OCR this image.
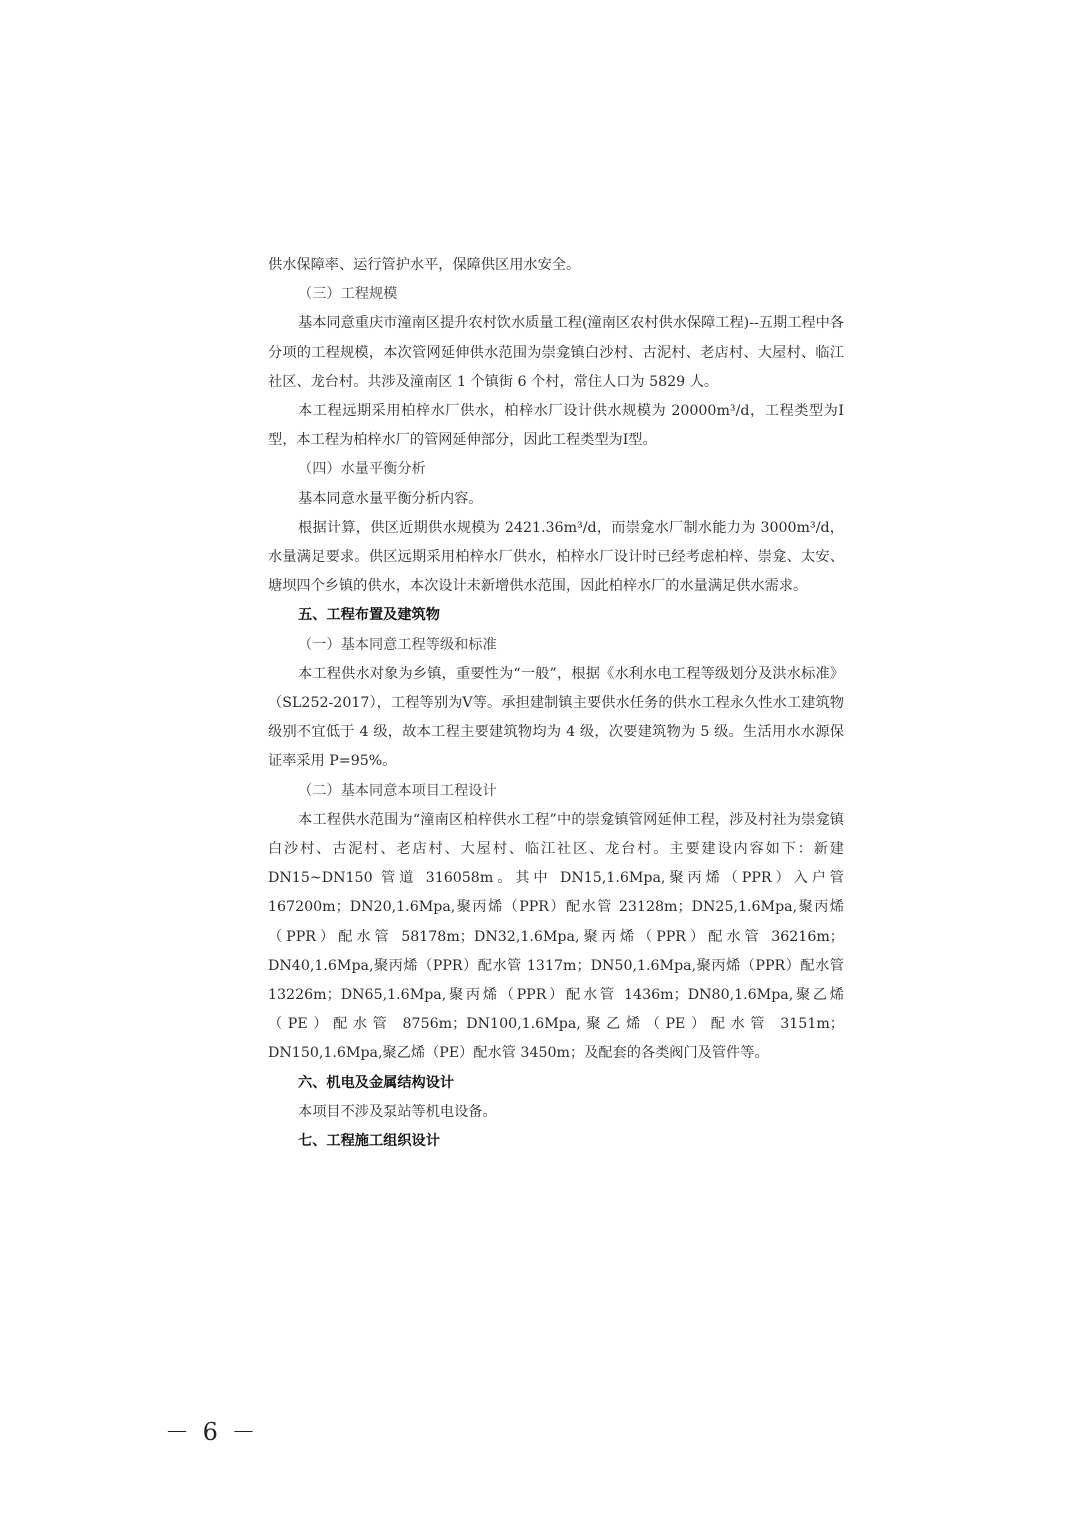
供水保障率、运行管护水平，保障供区用水安全。

（三）工程规模

基本同意重庆市潼南区提升农村饮水质量工程(潼南区农村供水保障工程)--五期工程中各分项的工程规模，本次管网延伸供水范围为崇龛镇白沙村、古泥村、老店村、大屋村、临江社区、龙台村。共涉及潼南区 1 个镇街 6 个村，常住人口为 5829 人。

本工程远期采用柏梓水厂供水，柏梓水厂设计供水规模为 20000m³/d，工程类型为Ⅰ型，本工程为柏梓水厂的管网延伸部分，因此工程类型为Ⅰ型。

（四）水量平衡分析

基本同意水量平衡分析内容。

根据计算，供区近期供水规模为 2421.36m³/d，而崇龛水厂制水能力为 3000m³/d，水量满足要求。供区远期采用柏梓水厂供水，柏梓水厂设计时已经考虑柏梓、崇龛、太安、塘坝四个乡镇的供水，本次设计未新增供水范围，因此柏梓水厂的水量满足供水需求。

五、工程布置及建筑物

（一）基本同意工程等级和标准

本工程供水对象为乡镇，重要性为“一般”，根据《水利水电工程等级划分及洪水标准》（SL252-2017），工程等别为Ⅴ等。承担建制镇主要供水任务的供水工程永久性水工建筑物级别不宜低于 4 级，故本工程主要建筑物均为 4 级，次要建筑物为 5 级。生活用水水源保证率采用 P=95%。

（二）基本同意本项目工程设计

本工程供水范围为“潼南区柏梓供水工程”中的崇龛镇管网延伸工程，涉及村社为崇龛镇白沙村、古泥村、老店村、大屋村、临江社区、龙台村。主要建设内容如下：新建 DN15~DN150 管道 316058m。其中 DN15,1.6Mpa,聚丙烯（PPR）入户管 167200m；DN20,1.6Mpa,聚丙烯（PPR）配水管 23128m；DN25,1.6Mpa,聚丙烯（PPR）配水管 58178m；DN32,1.6Mpa,聚丙烯（PPR）配水管 36216m；DN40,1.6Mpa,聚丙烯（PPR）配水管 1317m；DN50,1.6Mpa,聚丙烯（PPR）配水管 13226m；DN65,1.6Mpa,聚丙烯（PPR）配水管 1436m；DN80,1.6Mpa,聚乙烯（PE）配水管 8756m；DN100,1.6Mpa,聚乙烯（PE）配水管 3151m；DN150,1.6Mpa,聚乙烯（PE）配水管 3450m；及配套的各类阀门及管件等。

六、机电及金属结构设计

本项目不涉及泵站等机电设备。

七、工程施工组织设计

－ 6 －
